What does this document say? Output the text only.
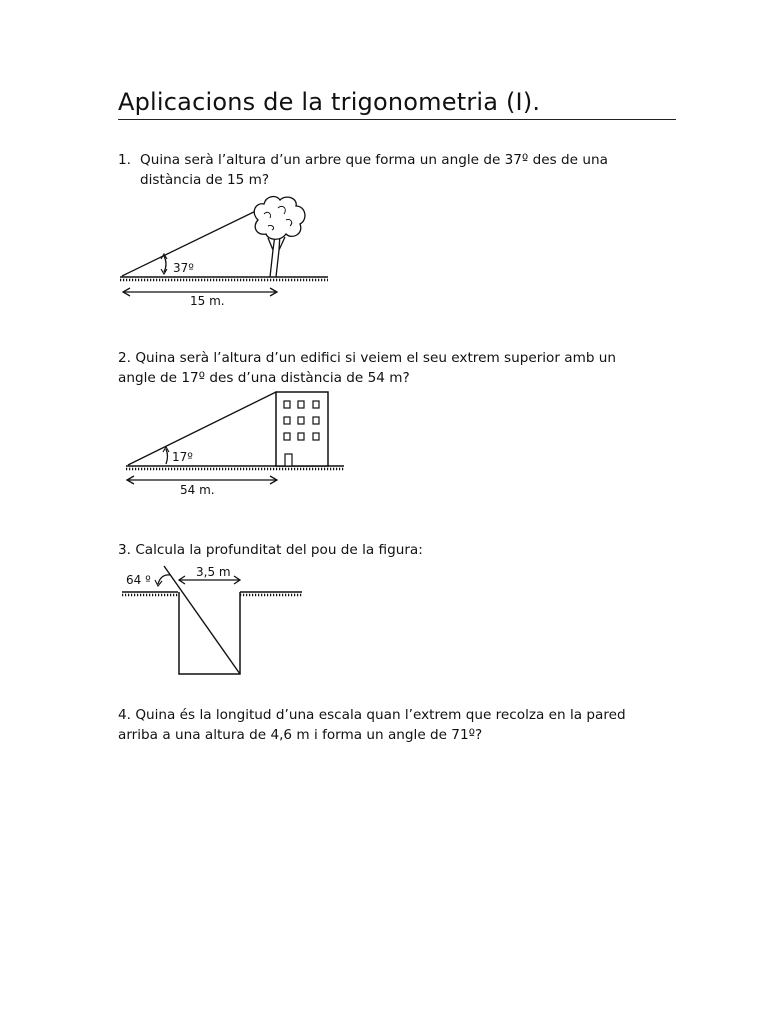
Aplicacions de la trigonometria (I).
1. Quina serà l’altura d’un arbre que forma un angle de 37º des de una
distància de 15 m?
37º
15 m.
2. Quina serà l’altura d’un edifici si veiem el seu extrem superior amb un
angle de 17º des d’una distància de 54 m?
17º
54 m.
3. Calcula la profunditat del pou de la figura:
64 º
3,5 m
4. Quina és la longitud d’una escala quan l’extrem que recolza en la pared
arriba a una altura de 4,6 m i forma un angle de 71º?
